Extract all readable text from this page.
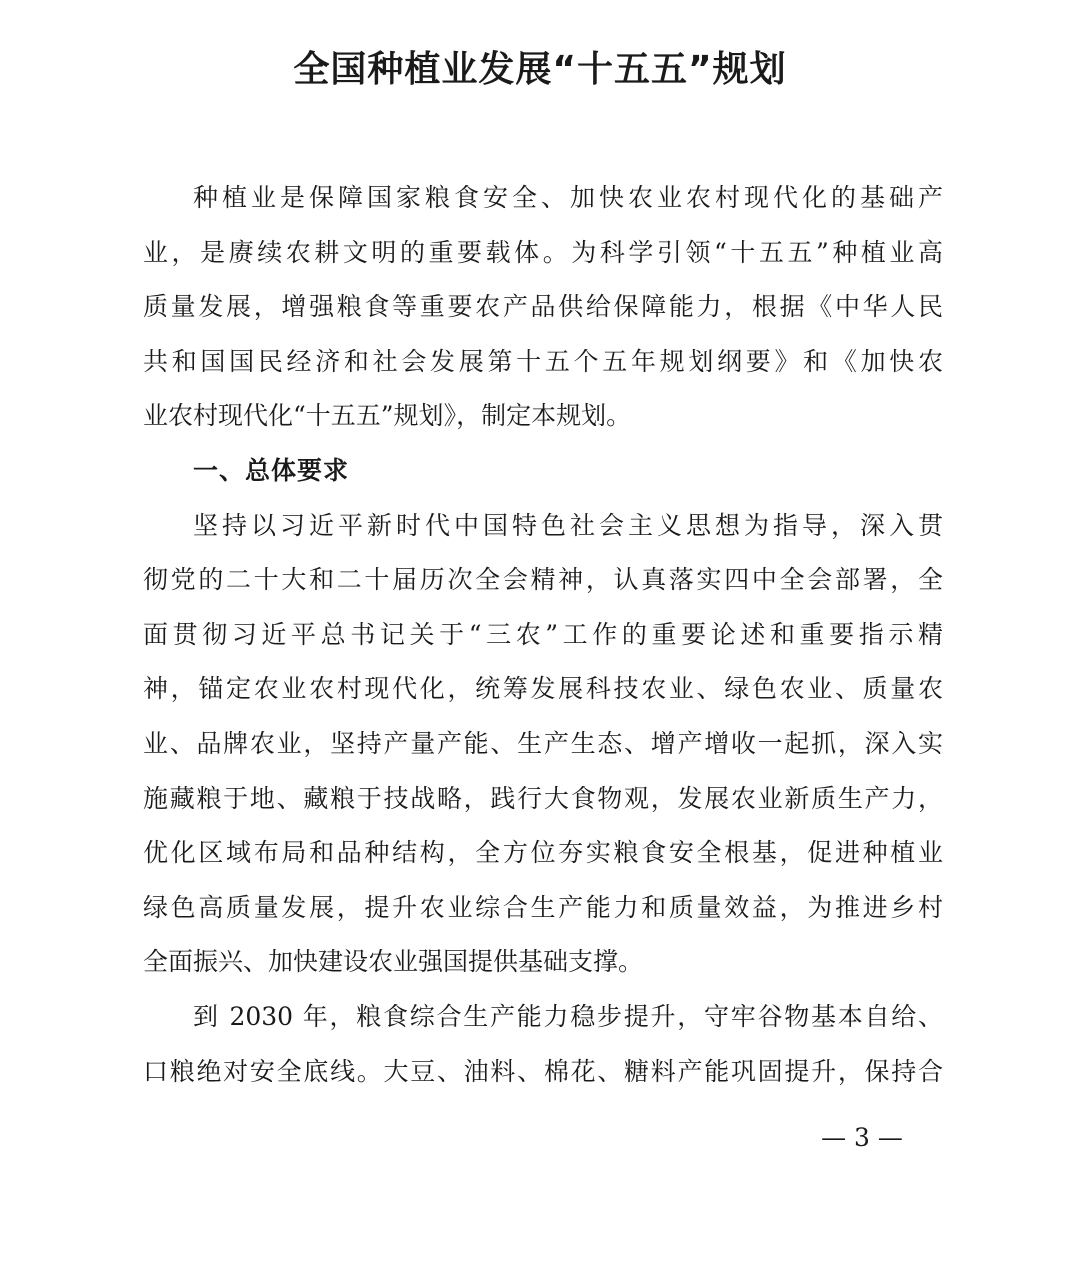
全国种植业发展“十五五”规划
种植业是保障国家粮食安全、加快农业农村现代化的基础产
业，是赓续农耕文明的重要载体。为科学引领“十五五”种植业高
质量发展，增强粮食等重要农产品供给保障能力，根据《中华人民
共和国国民经济和社会发展第十五个五年规划纲要》和《加快农
业农村现代化“十五五”规划》，制定本规划。
一、总体要求
坚持以习近平新时代中国特色社会主义思想为指导，深入贯
彻党的二十大和二十届历次全会精神，认真落实四中全会部署，全
面贯彻习近平总书记关于“三农”工作的重要论述和重要指示精
神，锚定农业农村现代化，统筹发展科技农业、绿色农业、质量农
业、品牌农业，坚持产量产能、生产生态、增产增收一起抓，深入实
施藏粮于地、藏粮于技战略，践行大食物观，发展农业新质生产力，
优化区域布局和品种结构，全方位夯实粮食安全根基，促进种植业
绿色高质量发展，提升农业综合生产能力和质量效益，为推进乡村
全面振兴、加快建设农业强国提供基础支撑。
到 2030 年，粮食综合生产能力稳步提升，守牢谷物基本自给、
口粮绝对安全底线。大豆、油料、棉花、糖料产能巩固提升，保持合
— 3 —
